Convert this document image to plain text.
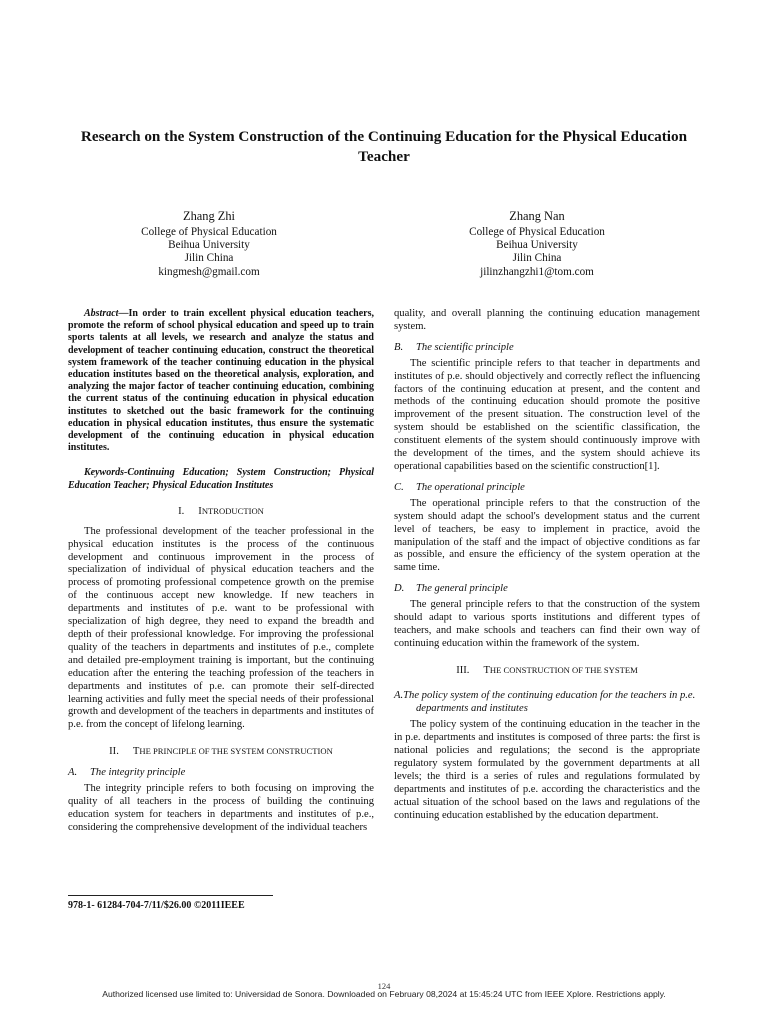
Research on the System Construction of the Continuing Education for the Physical Education Teacher
Zhang Zhi
College of Physical Education
Beihua University
Jilin China
kingmesh@gmail.com
Zhang Nan
College of Physical Education
Beihua University
Jilin China
jilinzhangzhi1@tom.com

Abstract—In order to train excellent physical education teachers, promote the reform of school physical education and speed up to train sports talents at all levels, we research and analyze the status and development of teacher continuing education, construct the theoretical system framework of the teacher continuing education in the physical education institutes based on the theoretical analysis, exploration, and analyzing the major factor of teacher continuing education, combining the current status of the continuing education in physical education institutes to sketched out the basic framework for the continuing education in physical education institutes, thus ensure the systematic development of the continuing education in physical education institutes.

Keywords-Continuing Education; System Construction; Physical Education Teacher; Physical Education Institutes

I. INTRODUCTION

The professional development of the teacher professional in the physical education institutes is the process of the continuous development and continuous improvement in the process of specialization of individual of physical education teachers and the process of promoting professional competence growth on the premise of the continuous accept new knowledge. If new teachers in departments and institutes of p.e. want to be professional with specialization of high degree, they need to expand the breadth and depth of their professional knowledge. For improving the professional quality of the teachers in departments and institutes of p.e., complete and detailed pre-employment training is important, but the continuing education after the entering the teaching profession of the teachers in departments and institutes of p.e. can promote their self-directed learning activities and fully meet the special needs of their professional growth and development of the teachers in departments and institutes of p.e. from the concept of lifelong learning.

II. THE PRINCIPLE OF THE SYSTEM CONSTRUCTION

A. The integrity principle

The integrity principle refers to both focusing on improving the quality of all teachers in the process of building the continuing education system for teachers in departments and institutes of p.e., considering the comprehensive development of the individual teachers

quality, and overall planning the continuing education management system.

B. The scientific principle

The scientific principle refers to that teacher in departments and institutes of p.e. should objectively and correctly reflect the influencing factors of the continuing education at present, and the content and methods of the continuing education should promote the positive improvement of the present situation. The construction level of the system should be established on the scientific classification, the constituent elements of the system should continuously improve with the development of the times, and the system should achieve its operational capabilities based on the scientific construction[1].

C. The operational principle

The operational principle refers to that the construction of the system should adapt the school's development status and the current level of teachers, be easy to implement in practice, avoid the manipulation of the staff and the impact of objective conditions as far as possible, and ensure the efficiency of the system operation at the same time.

D. The general principle

The general principle refers to that the construction of the system should adapt to various sports institutions and different types of teachers, and make schools and teachers can find their own way of continuing education within the framework of the system.

III. THE CONSTRUCTION OF THE SYSTEM

A.The policy system of the continuing education for the teachers in p.e. departments and institutes

The policy system of the continuing education in the teacher in the in p.e. departments and institutes is composed of three parts: the first is national policies and regulations; the second is the appropriate regulatory system formulated by the government departments at all levels; the third is a series of rules and regulations formulated by departments and institutes of p.e. according the characteristics and the actual situation of the school based on the laws and regulations of the continuing education established by the education department.

978-1- 61284-704-7/11/$26.00 ©2011IEEE
124
Authorized licensed use limited to: Universidad de Sonora. Downloaded on February 08,2024 at 15:45:24 UTC from IEEE Xplore. Restrictions apply.
